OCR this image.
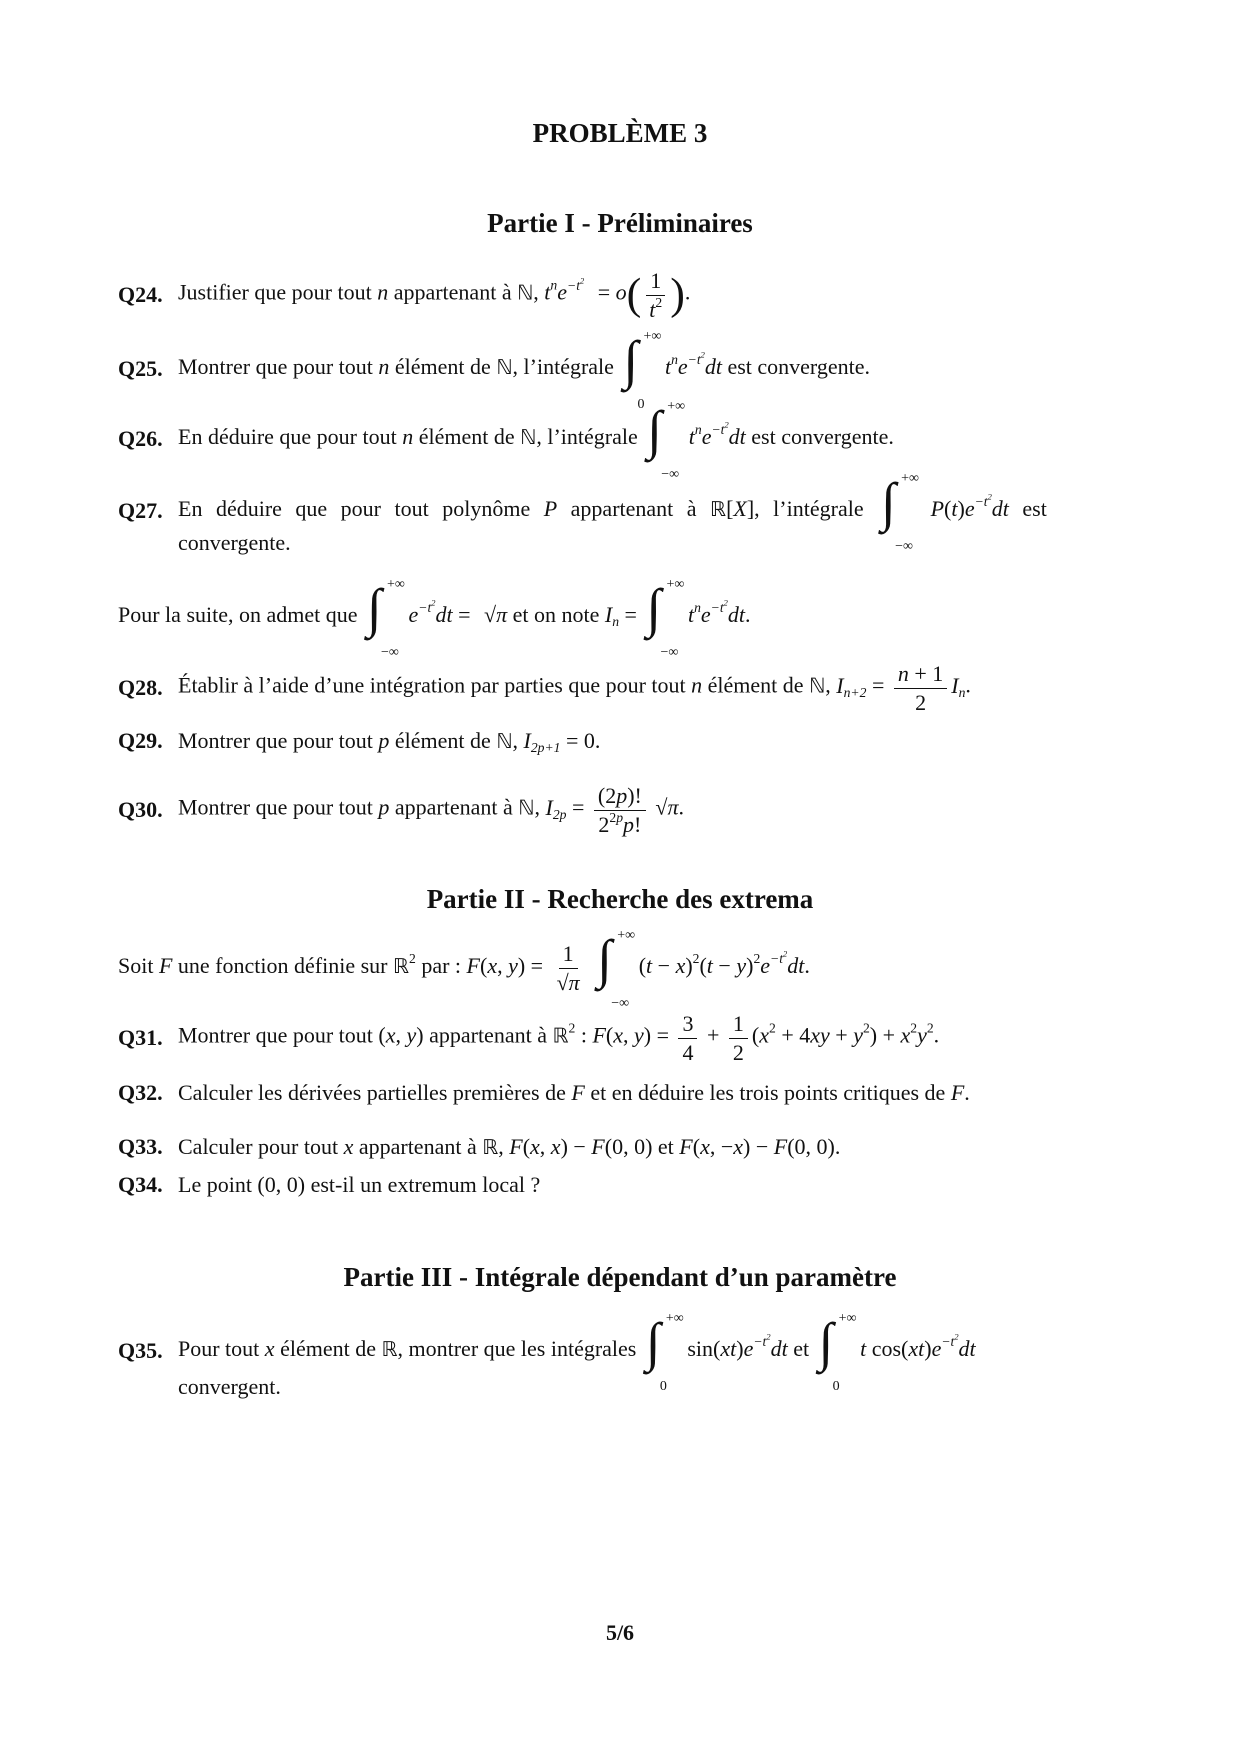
PROBLÈME 3
Partie I - Préliminaires
Q24. Justifier que pour tout n appartenant à ℕ, $t^ne^{-t^2} = o( \frac{1}{t^2}$ ).
Q25. Montrer que pour tout n élément de ℕ, l’intégrale ∫ +∞
0
$t^ne^{-t^2}dt$ est convergente.
Q26. En déduire que pour tout n élément de ℕ, l’intégrale ∫ +∞
−∞
$t^ne^{-t^2}dt$ est convergente.
Q27. En déduire que pour tout polynôme P appartenant à ℝ[X], l’intégrale ∫ +∞
−∞
$P(t)e^{-t^2}dt$ est
convergente.
Pour la suite, on admet que ∫ +∞
−∞
$e^{-t^2}dt = √\pi$ et on note $I_n$ = ∫ +∞
−∞
$t^ne^{-t^2}dt$.
Q28. Établir à l’aide d’une intégration par parties que pour tout n élément de ℕ, $I_{n+2} = \frac{n + 1}{2} I_n$.
Q29. Montrer que pour tout p élément de ℕ, $I_{2p+1} = 0$.
Q30. Montrer que pour tout p appartenant à ℕ, $I_{2p} = \frac{(2p)!}{2^{2p}p!} √\pi$.
Partie II - Recherche des extrema
Soit F une fonction définie sur ℝ$^2$ par : F(x, $y) = \frac{1}{√\pi}$
∫ +∞
−∞
$(t - x)^2(t - y)^2e^{-t^2}dt$.
Q31. Montrer que pour tout (x, y) appartenant à ℝ$^2$ : F(x, $y) = \frac{3}{4} + \frac{1}{2} (x^2 + 4xy + y^2) + x^2y^2$.
Q32. Calculer les dérivées partielles premières de F et en déduire les trois points critiques de F.
Q33. Calculer pour tout x appartenant à ℝ, F(x, x) − F(0, 0) et F(x, −x) − F(0, 0).
Q34. Le point (0, 0) est-il un extremum local ?
Partie III - Intégrale dépendant d’un paramètre
Q35. Pour tout x élément de ℝ, montrer que les intégrales ∫ +∞
0
$\sin(xt)e^{-t^2}dt$ et ∫ +∞
0
t $\cos(xt)e^{-t^2}dt$
convergent.
5/6
